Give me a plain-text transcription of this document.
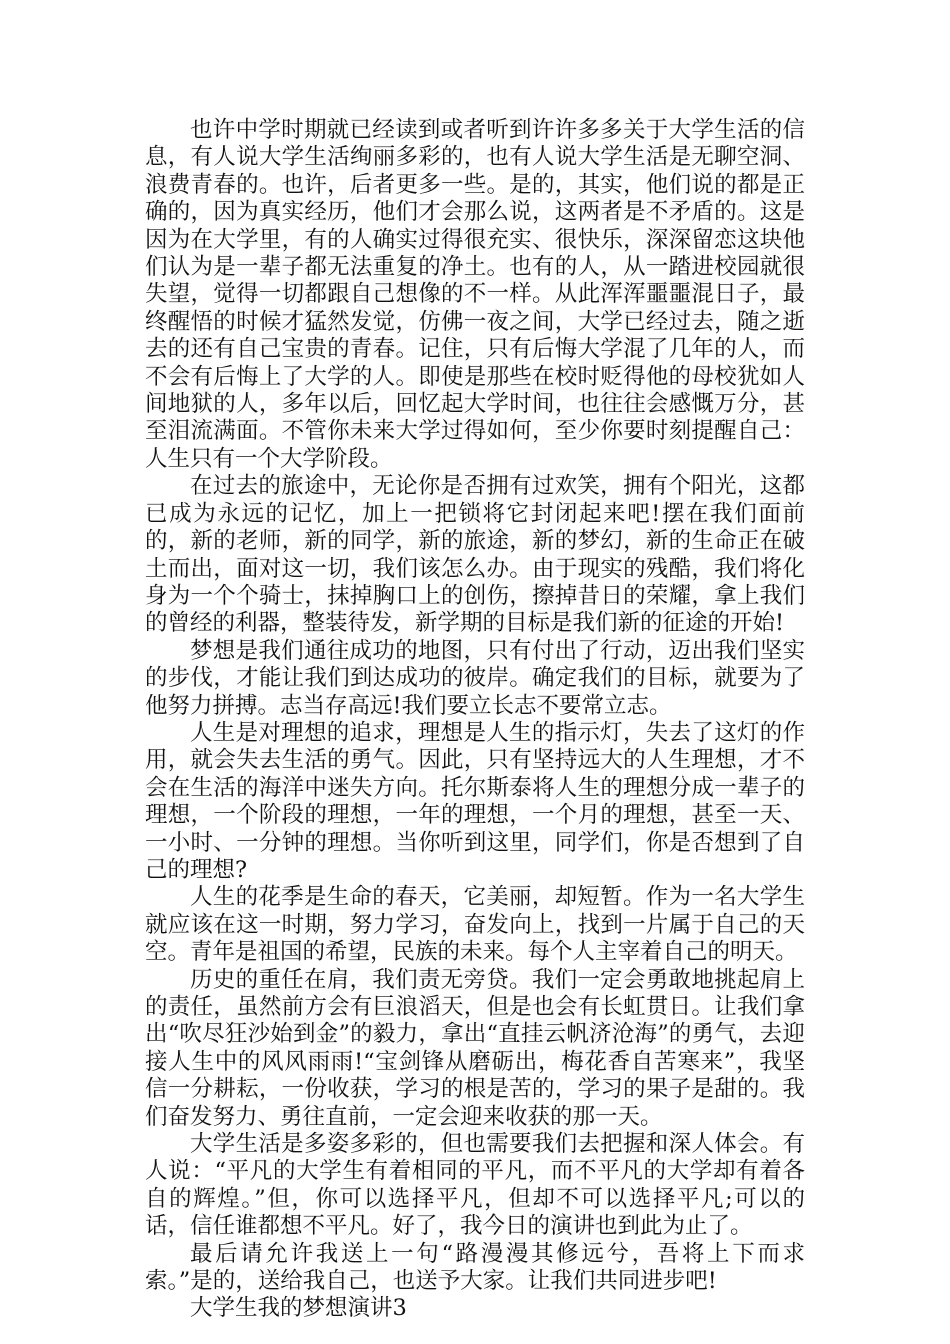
也许中学时期就已经读到或者听到许许多多关于大学生活的信息，有人说大学生活绚丽多彩的，也有人说大学生活是无聊空洞、浪费青春的。也许，后者更多一些。是的，其实，他们说的都是正确的，因为真实经历，他们才会那么说，这两者是不矛盾的。这是因为在大学里，有的人确实过得很充实、很快乐，深深留恋这块他们认为是一辈子都无法重复的净土。也有的人，从一踏进校园就很失望，觉得一切都跟自己想像的不一样。从此浑浑噩噩混日子，最终醒悟的时候才猛然发觉，仿佛一夜之间，大学已经过去，随之逝去的还有自己宝贵的青春。记住，只有后悔大学混了几年的人，而不会有后悔上了大学的人。即使是那些在校时贬得他的母校犹如人间地狱的人，多年以后，回忆起大学时间，也往往会感慨万分，甚至泪流满面。不管你未来大学过得如何，至少你要时刻提醒自己：人生只有一个大学阶段。

在过去的旅途中，无论你是否拥有过欢笑，拥有个阳光，这都已成为永远的记忆，加上一把锁将它封闭起来吧!摆在我们面前的，新的老师，新的同学，新的旅途，新的梦幻，新的生命正在破土而出，面对这一切，我们该怎么办。由于现实的残酷，我们将化身为一个个骑士，抹掉胸口上的创伤，擦掉昔日的荣耀，拿上我们的曾经的利器，整装待发，新学期的目标是我们新的征途的开始!

梦想是我们通往成功的地图，只有付出了行动，迈出我们坚实的步伐，才能让我们到达成功的彼岸。确定我们的目标，就要为了他努力拼搏。志当存高远!我们要立长志不要常立志。

人生是对理想的追求，理想是人生的指示灯，失去了这灯的作用，就会失去生活的勇气。因此，只有坚持远大的人生理想，才不会在生活的海洋中迷失方向。托尔斯泰将人生的理想分成一辈子的理想，一个阶段的理想，一年的理想，一个月的理想，甚至一天、一小时、一分钟的理想。当你听到这里，同学们，你是否想到了自己的理想?

人生的花季是生命的春天，它美丽，却短暂。作为一名大学生就应该在这一时期，努力学习，奋发向上，找到一片属于自己的天空。青年是祖国的希望，民族的未来。每个人主宰着自己的明天。

历史的重任在肩，我们责无旁贷。我们一定会勇敢地挑起肩上的责任，虽然前方会有巨浪滔天，但是也会有长虹贯日。让我们拿出“吹尽狂沙始到金”的毅力，拿出“直挂云帆济沧海”的勇气，去迎接人生中的风风雨雨!“宝剑锋从磨砺出，梅花香自苦寒来”，我坚信一分耕耘，一份收获，学习的根是苦的，学习的果子是甜的。我们奋发努力、勇往直前，一定会迎来收获的那一天。

大学生活是多姿多彩的，但也需要我们去把握和深人体会。有人说：“平凡的大学生有着相同的平凡，而不平凡的大学却有着各自的辉煌。”但，你可以选择平凡，但却不可以选择平凡;可以的话，信任谁都想不平凡。好了，我今日的演讲也到此为止了。

最后请允许我送上一句“路漫漫其修远兮，吾将上下而求索。”是的，送给我自己，也送予大家。让我们共同进步吧!

大学生我的梦想演讲3
